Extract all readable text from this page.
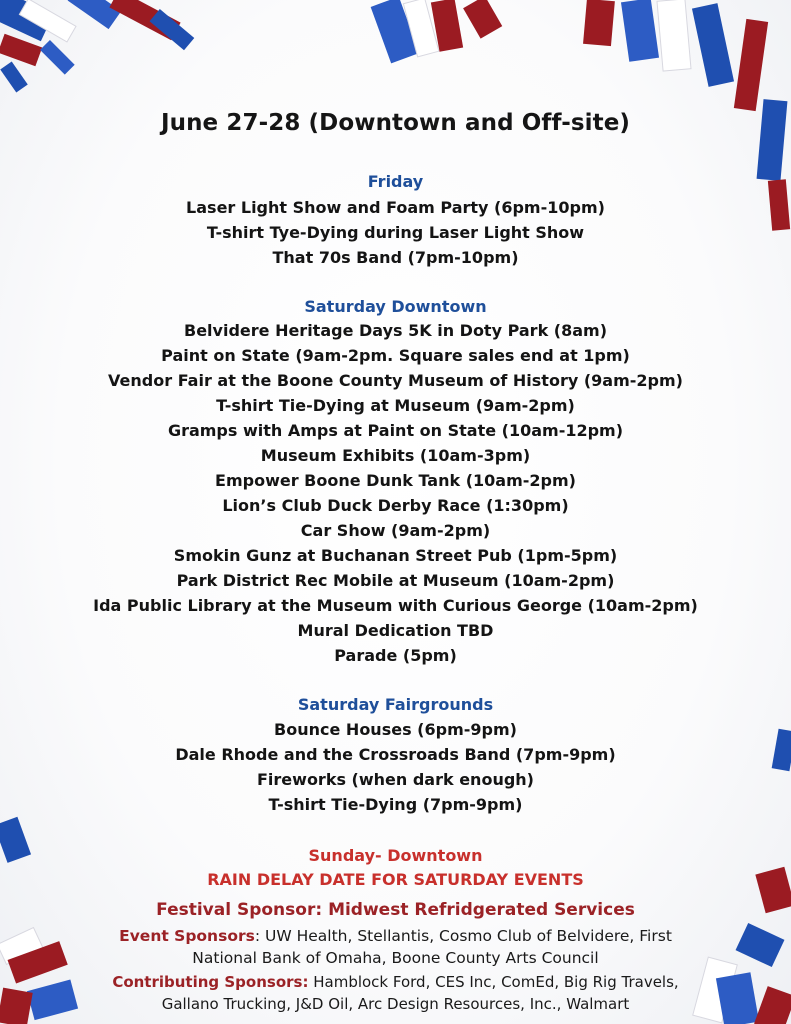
June 27-28 (Downtown and Off-site)
Friday
Laser Light Show and Foam Party (6pm-10pm)
T-shirt Tye-Dying during Laser Light Show
That 70s Band (7pm-10pm)
Saturday Downtown
Belvidere Heritage Days 5K in Doty Park (8am)
Paint on State (9am-2pm. Square sales end at 1pm)
Vendor Fair at the Boone County Museum of History (9am-2pm)
T-shirt Tie-Dying at Museum (9am-2pm)
Gramps with Amps at Paint on State (10am-12pm)
Museum Exhibits (10am-3pm)
Empower Boone Dunk Tank (10am-2pm)
Lion’s Club Duck Derby Race (1:30pm)
Car Show (9am-2pm)
Smokin Gunz at Buchanan Street Pub (1pm-5pm)
Park District Rec Mobile at Museum (10am-2pm)
Ida Public Library at the Museum with Curious George (10am-2pm)
Mural Dedication TBD
Parade (5pm)
Saturday Fairgrounds
Bounce Houses (6pm-9pm)
Dale Rhode and the Crossroads Band (7pm-9pm)
Fireworks (when dark enough)
T-shirt Tie-Dying (7pm-9pm)
Sunday- Downtown
RAIN DELAY DATE FOR SATURDAY EVENTS
Festival Sponsor: Midwest Refridgerated Services
Event Sponsors: UW Health, Stellantis, Cosmo Club of Belvidere, First
National Bank of Omaha, Boone County Arts Council
Contributing Sponsors: Hamblock Ford, CES Inc, ComEd, Big Rig Travels,
Gallano Trucking, J&D Oil, Arc Design Resources, Inc., Walmart
